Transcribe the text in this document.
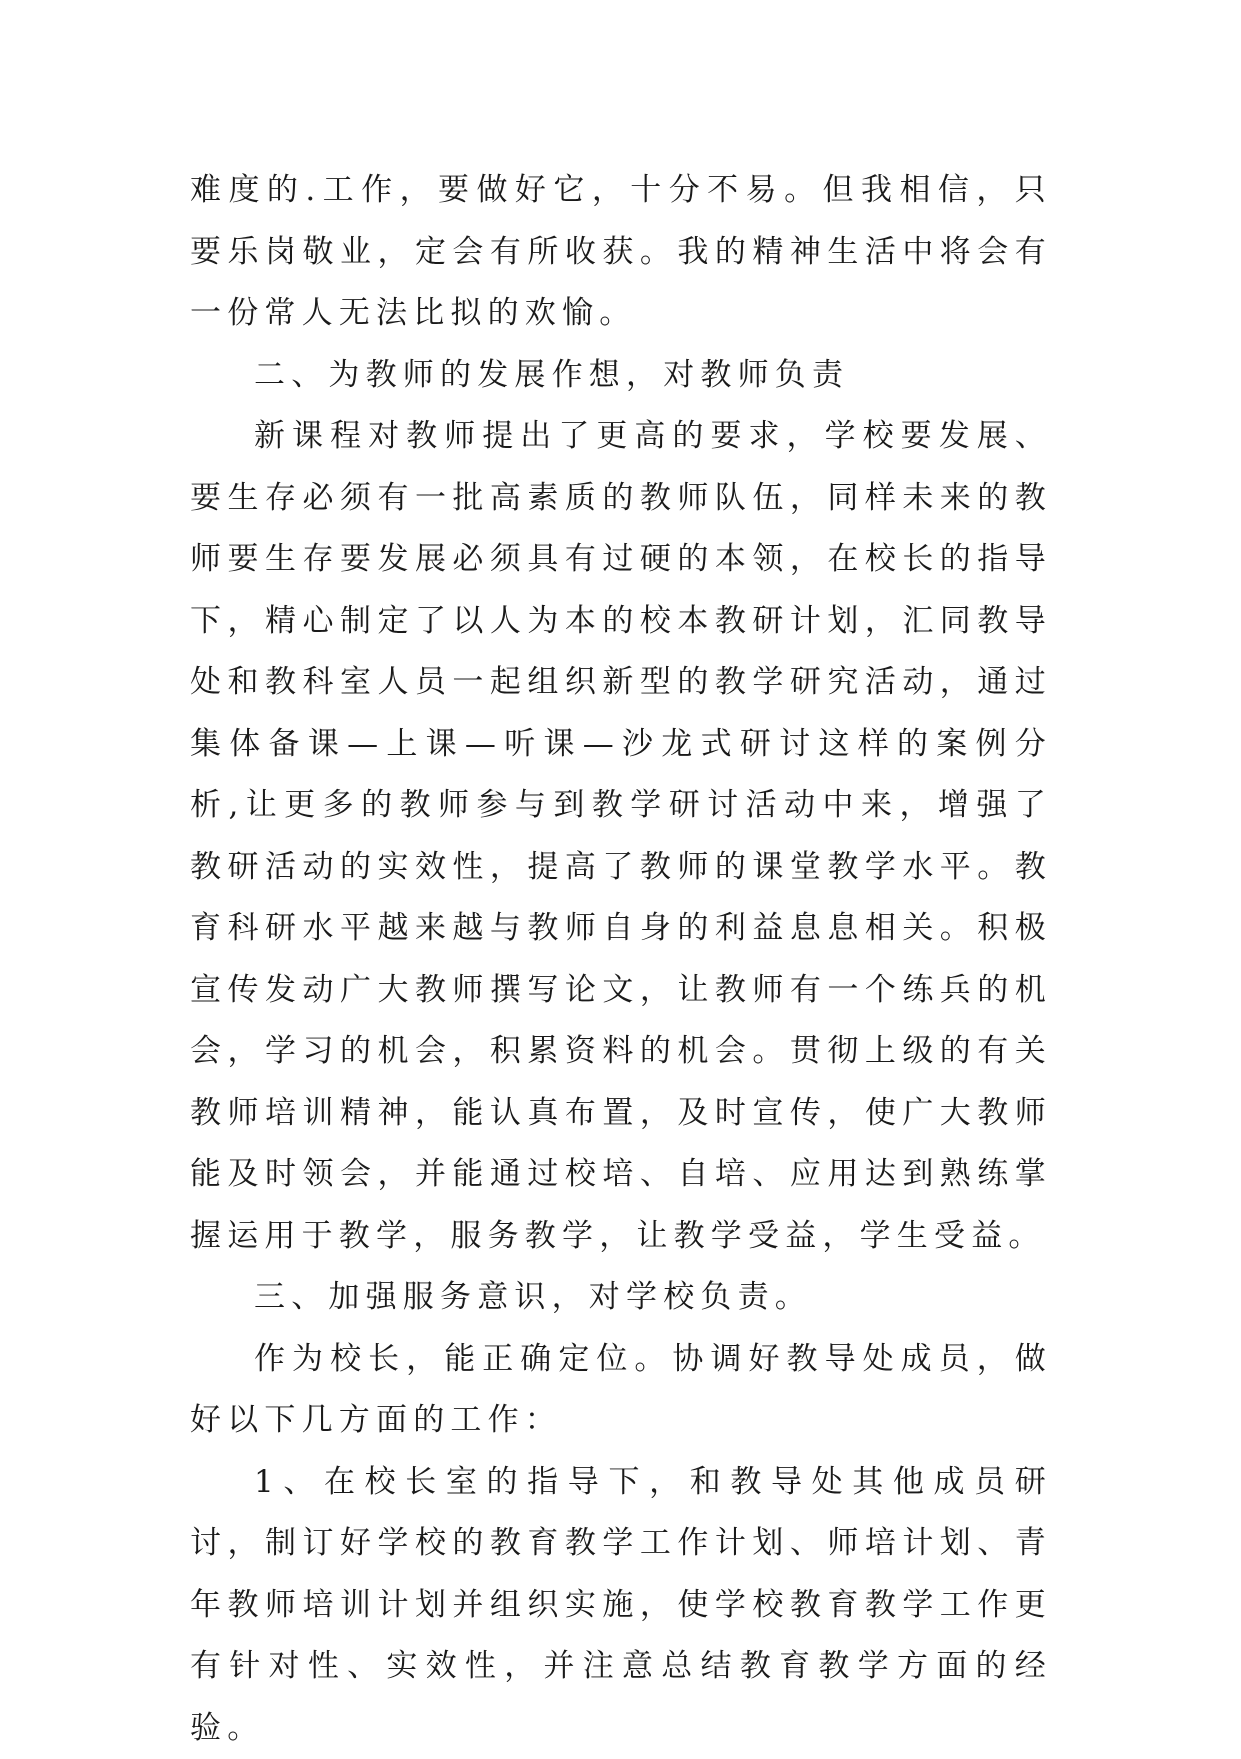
难度的.工作，要做好它，十分不易。但我相信，只要乐岗敬业，定会有所收获。我的精神生活中将会有一份常人无法比拟的欢愉。

二、为教师的发展作想，对教师负责

新课程对教师提出了更高的要求，学校要发展、要生存必须有一批高素质的教师队伍，同样未来的教师要生存要发展必须具有过硬的本领，在校长的指导下，精心制定了以人为本的校本教研计划，汇同教导处和教科室人员一起组织新型的教学研究活动，通过集体备课—上课—听课—沙龙式研讨这样的案例分析,让更多的教师参与到教学研讨活动中来，增强了教研活动的实效性，提高了教师的课堂教学水平。教育科研水平越来越与教师自身的利益息息相关。积极宣传发动广大教师撰写论文，让教师有一个练兵的机会，学习的机会，积累资料的机会。贯彻上级的有关教师培训精神，能认真布置，及时宣传，使广大教师能及时领会，并能通过校培、自培、应用达到熟练掌握运用于教学，服务教学，让教学受益，学生受益。

三、加强服务意识，对学校负责。

作为校长，能正确定位。协调好教导处成员，做好以下几方面的工作：

1、在校长室的指导下，和教导处其他成员研讨，制订好学校的教育教学工作计划、师培计划、青年教师培训计划并组织实施，使学校教育教学工作更有针对性、实效性，并注意总结教育教学方面的经验。
